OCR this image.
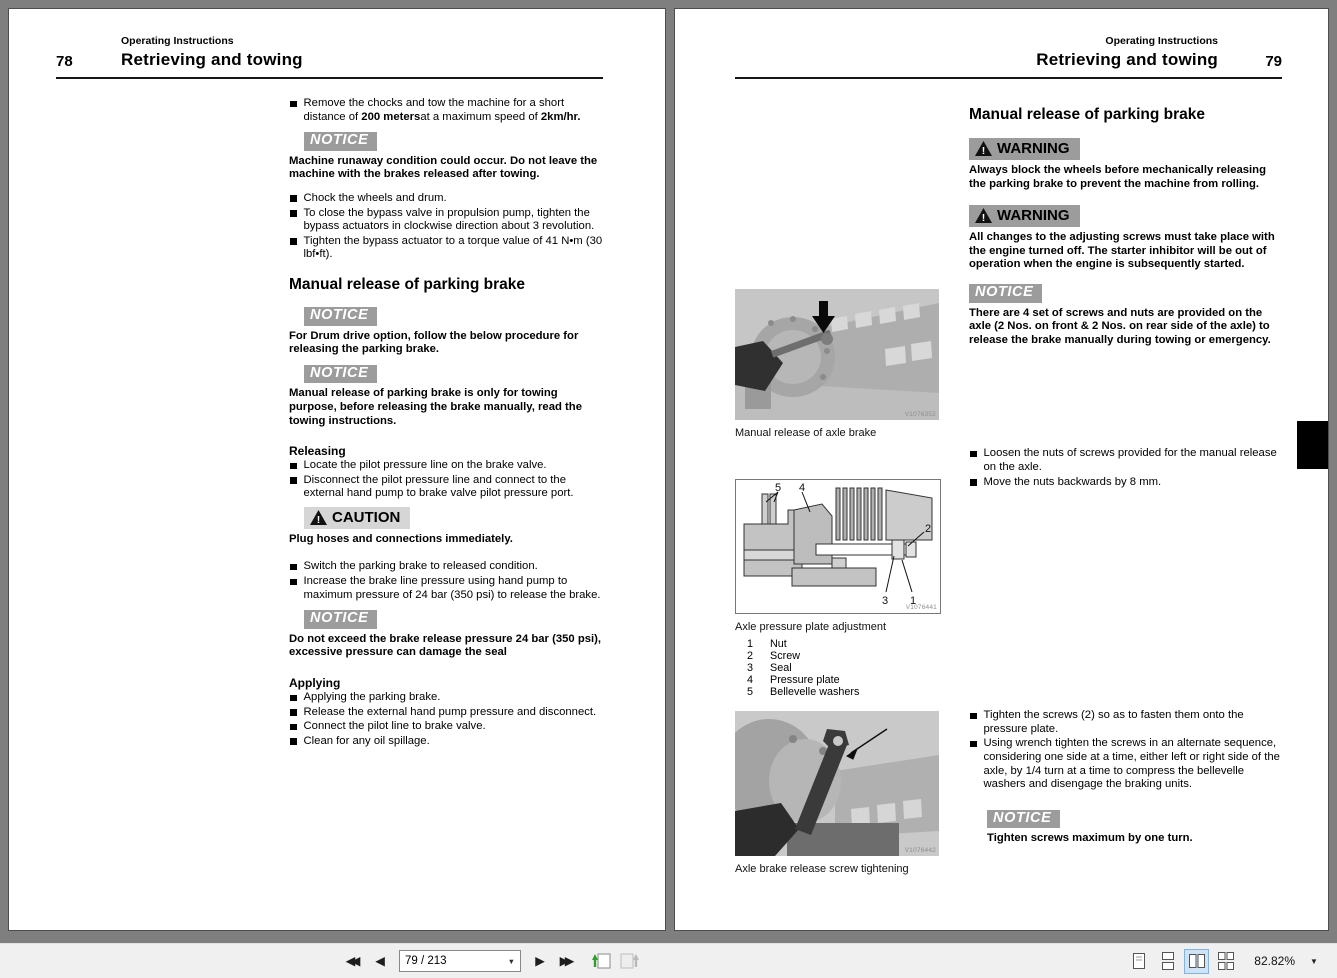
78
Operating Instructions
Retrieving and towing
Remove the chocks and tow the machine for a short distance of 200 metersat a maximum speed of 2km/hr.
NOTICE
Machine runaway condition could occur. Do not leave the machine with the brakes released after towing.
Chock the wheels and drum.
To close the bypass valve in propulsion pump, tighten the bypass actuators in clockwise direction about 3 revolution.
Tighten the bypass actuator to a torque value of 41 N•m (30 lbf•ft).
Manual release of parking brake
NOTICE
For Drum drive option, follow the below procedure for releasing the parking brake.
NOTICE
Manual release of parking brake is only for towing purpose, before releasing the brake manually, read the towing instructions.
Releasing
Locate the pilot pressure line on the brake valve.
Disconnect the pilot pressure line and connect to the external hand pump to brake valve pilot pressure port.
! CAUTION
Plug hoses and connections immediately.
Switch the parking brake to released condition.
Increase the brake line pressure using hand pump to maximum pressure of 24 bar (350 psi) to release the brake.
NOTICE
Do not exceed the brake release pressure 24 bar (350 psi), excessive pressure can damage the seal
Applying
Applying the parking brake.
Release the external hand pump pressure and disconnect.
Connect the pilot line to brake valve.
Clean for any oil spillage.
Operating Instructions
Retrieving and towing	79
V1076352
Manual release of axle brake
5 4
2
3 1
V1076441
Axle pressure plate adjustment
1	Nut
2	Screw
3	Seal
4	Pressure plate
5	Bellevelle washers
V1076442
Axle brake release screw tightening
Manual release of parking brake
! WARNING
Always block the wheels before mechanically releasing the parking brake to prevent the machine from rolling.
! WARNING
All changes to the adjusting screws must take place with the engine turned off. The starter inhibitor will be out of operation when the engine is subsequently started.
NOTICE
There are 4 set of screws and nuts are provided on the axle (2 Nos. on front & 2 Nos. on rear side of the axle) to release the brake manually during towing or emergency.
Loosen the nuts of screws provided for the manual release on the axle.
Move the nuts backwards by 8 mm.
Tighten the screws (2) so as to fasten them onto the pressure plate.
Using wrench tighten the screws in an alternate sequence, considering one side at a time, either left or right side of the axle, by 1/4 turn at a time to compress the bellevelle washers and disengage the braking units.
NOTICE
Tighten screws maximum by one turn.
◀◀ ◀ 79 / 213	▼ ▶ ▶▶	82.82% ▼
